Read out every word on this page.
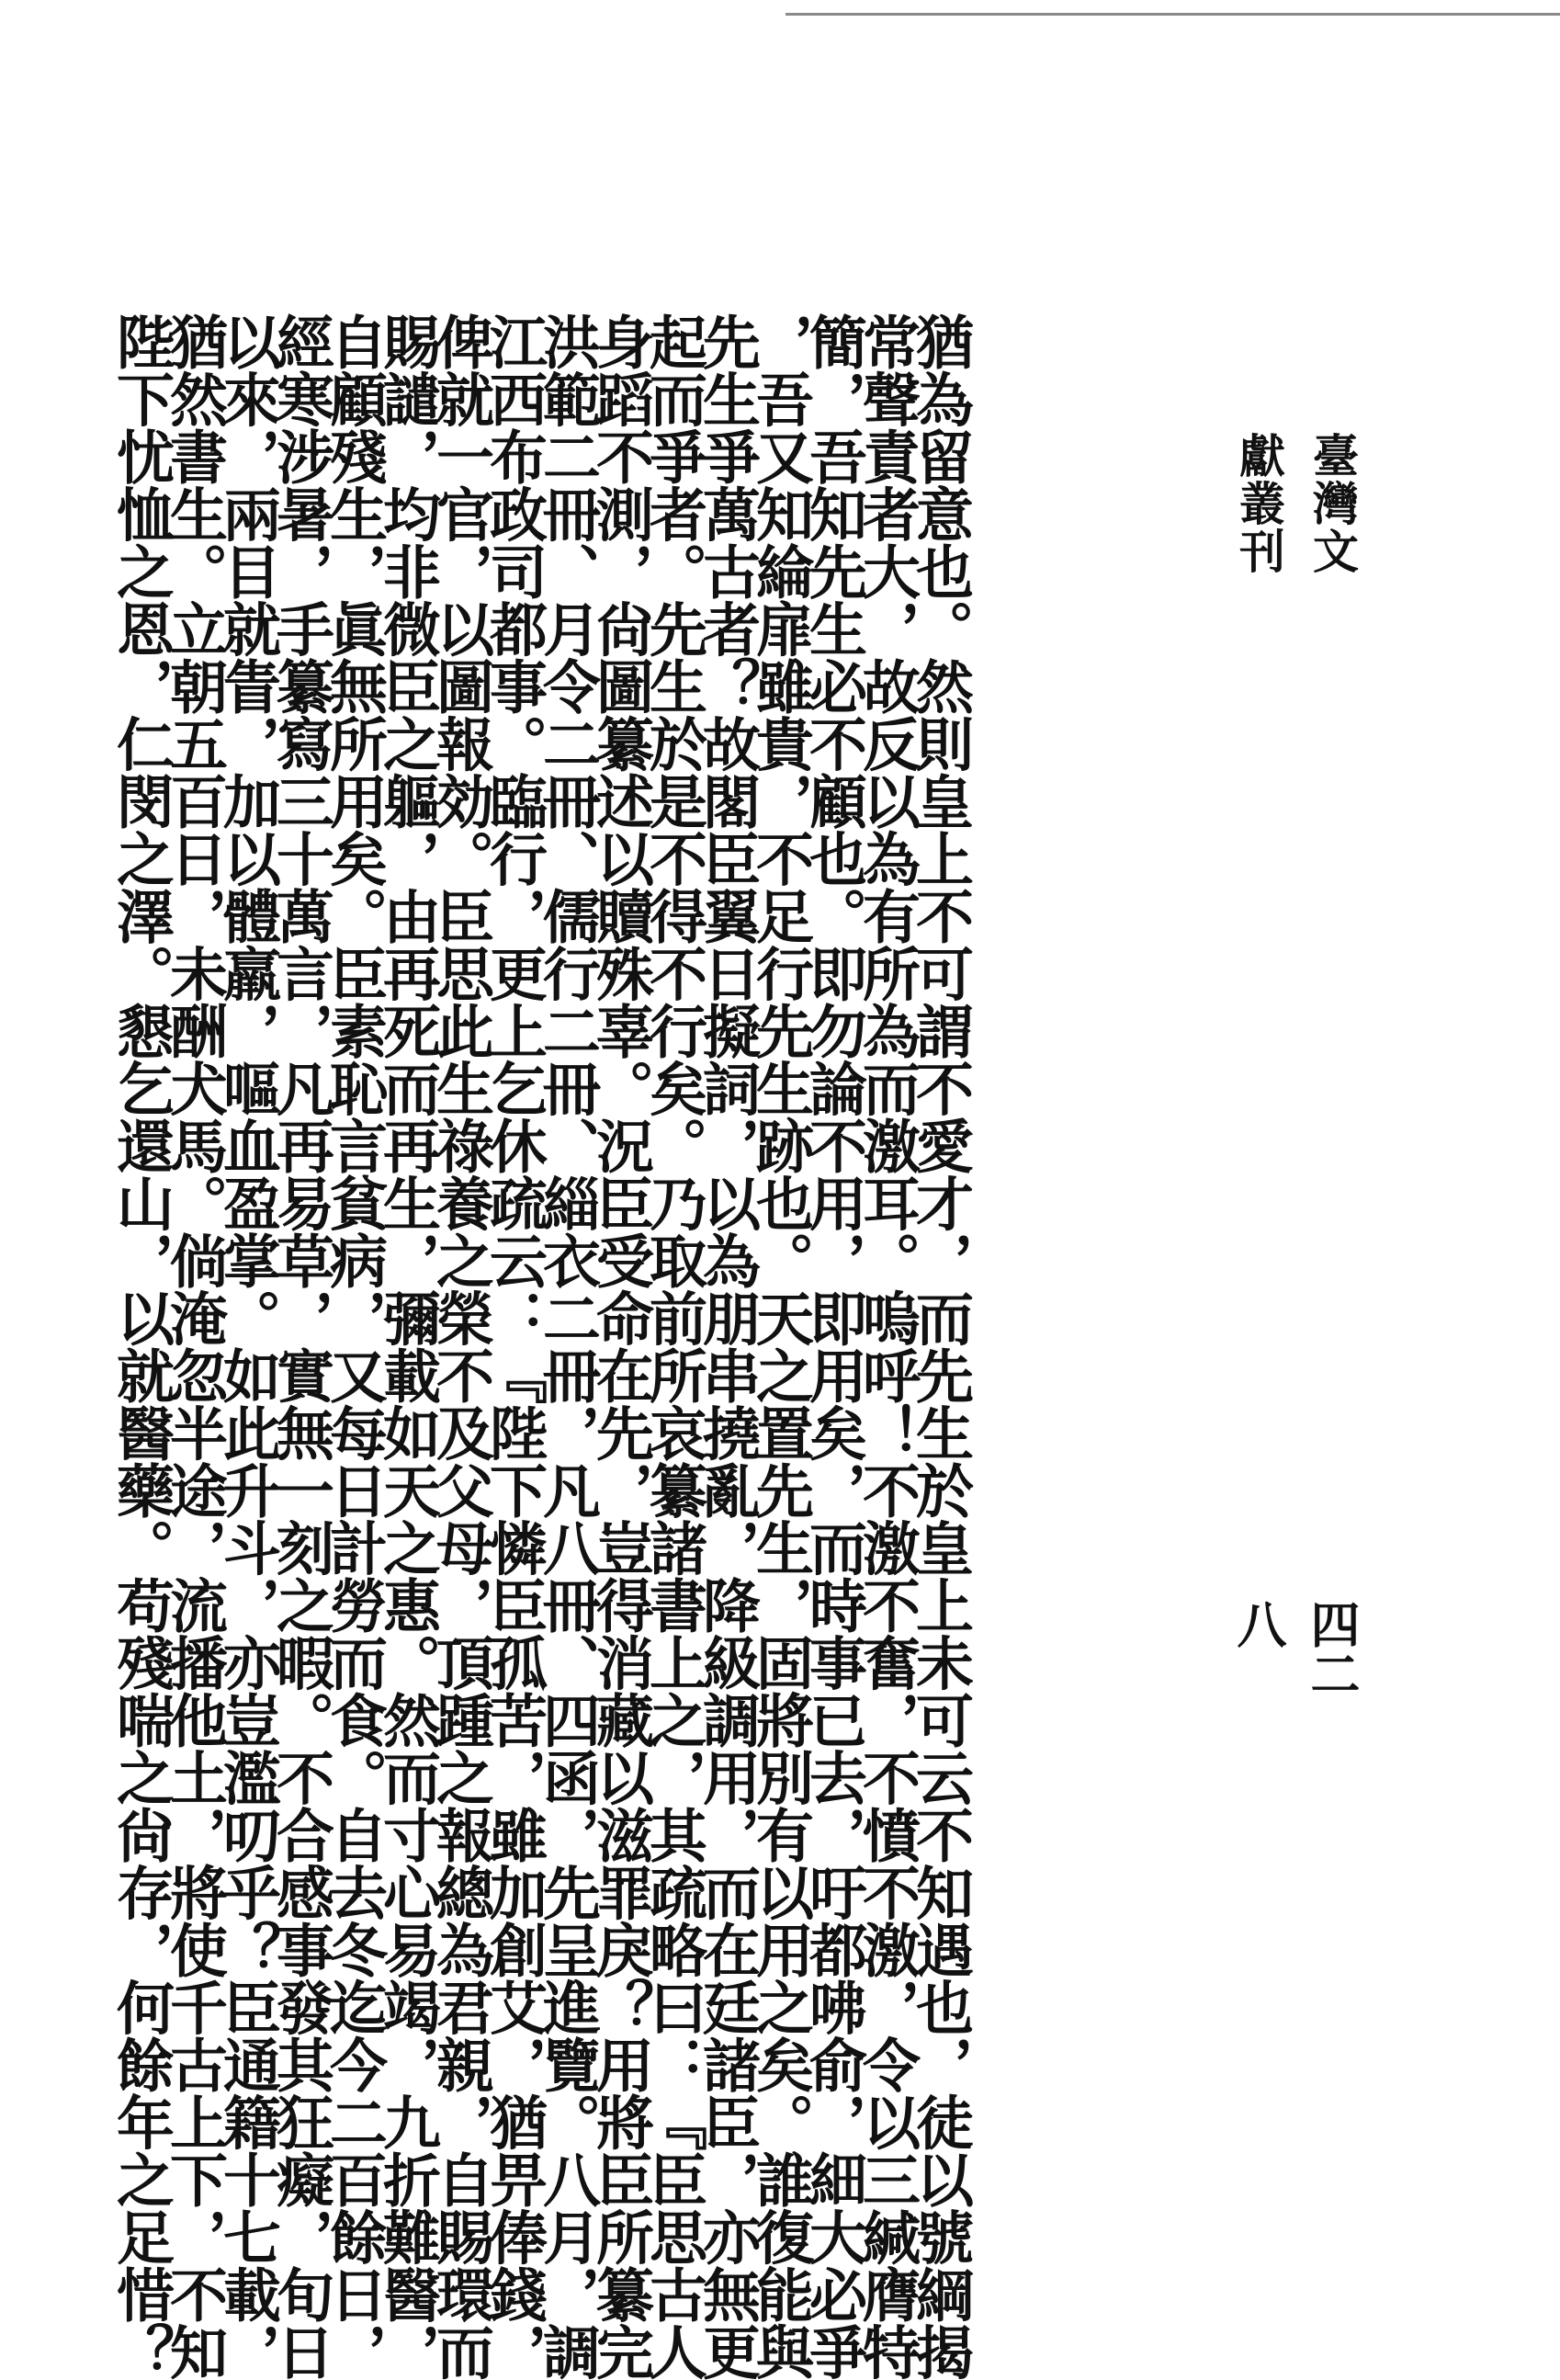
臺灣文獻叢刊
四二八

猶為留意也。然則皇上不可謂不愛才，而先生於皇上未可云不知遇也，徒以號綱揭

常聲責者大，故反以為有所為而激耳。嗚呼！不激不奮，不憤不激，令以三緘膺特

簡，吾知先生必不顧也。即勿論不用，即用矣，而時事已去，吁都咈俞，細大必爭

，吾又知綸扉雖貴，不足行先生跡也。天之置先生，固將別有以用之矣。誰復能與

先生爭萬古者？故閣臣翼日擬詞，以為朋串撓亂，降級調用，而在廷諸臣，亦無更

起而爭者。先生於是不得不行矣。乃取前所哀纂諸書上之，其疏略曰：『臣思古人

身蹈不測，尙圖纂述以贖殊辜。況臣受命在先，豈得消藏以滋罪戾？用將臣所纂完

洪範二冊、月令二冊、儒行二冊、緇衣二冊，凡八冊、四函，先呈進覽。八月，調

江西布政司都事。臨行，更上乞休疏云：『陛下憐臣孤苦，雖加創艾，猶畀俸錢，

俾就一官，以圖報効。臣思此生祿養之榮不及父母，頂踵之報總為君親，自賜環而

賜譴，均非微臣之軀，由再死而再生，彌載如天之惠。然而寸心易竭，九折難醫，

自顧殘生，眞無所用矣。臣素恥言貧病，又每日計勞而食。自去冬迄今二百餘日，

經寒涉暑，手纂寫三十萬言，凡再易草，實無一刻之暇。不合感事發其狂癡，旬日

以來，兩目就眚，加以體羸，嘔血盈掌。如此升斗，亦豈濫叨乎？臣通籍十七載，

猶然書生。立朝五百日，未酬犬馬。倘淹忽半途，流播他土，將使千古上下，不知

陛下忧恤之恩，仁閔之澤。懇乞還山，以就醫藥。苟殘喘之尙存，何餘年之足惜？
